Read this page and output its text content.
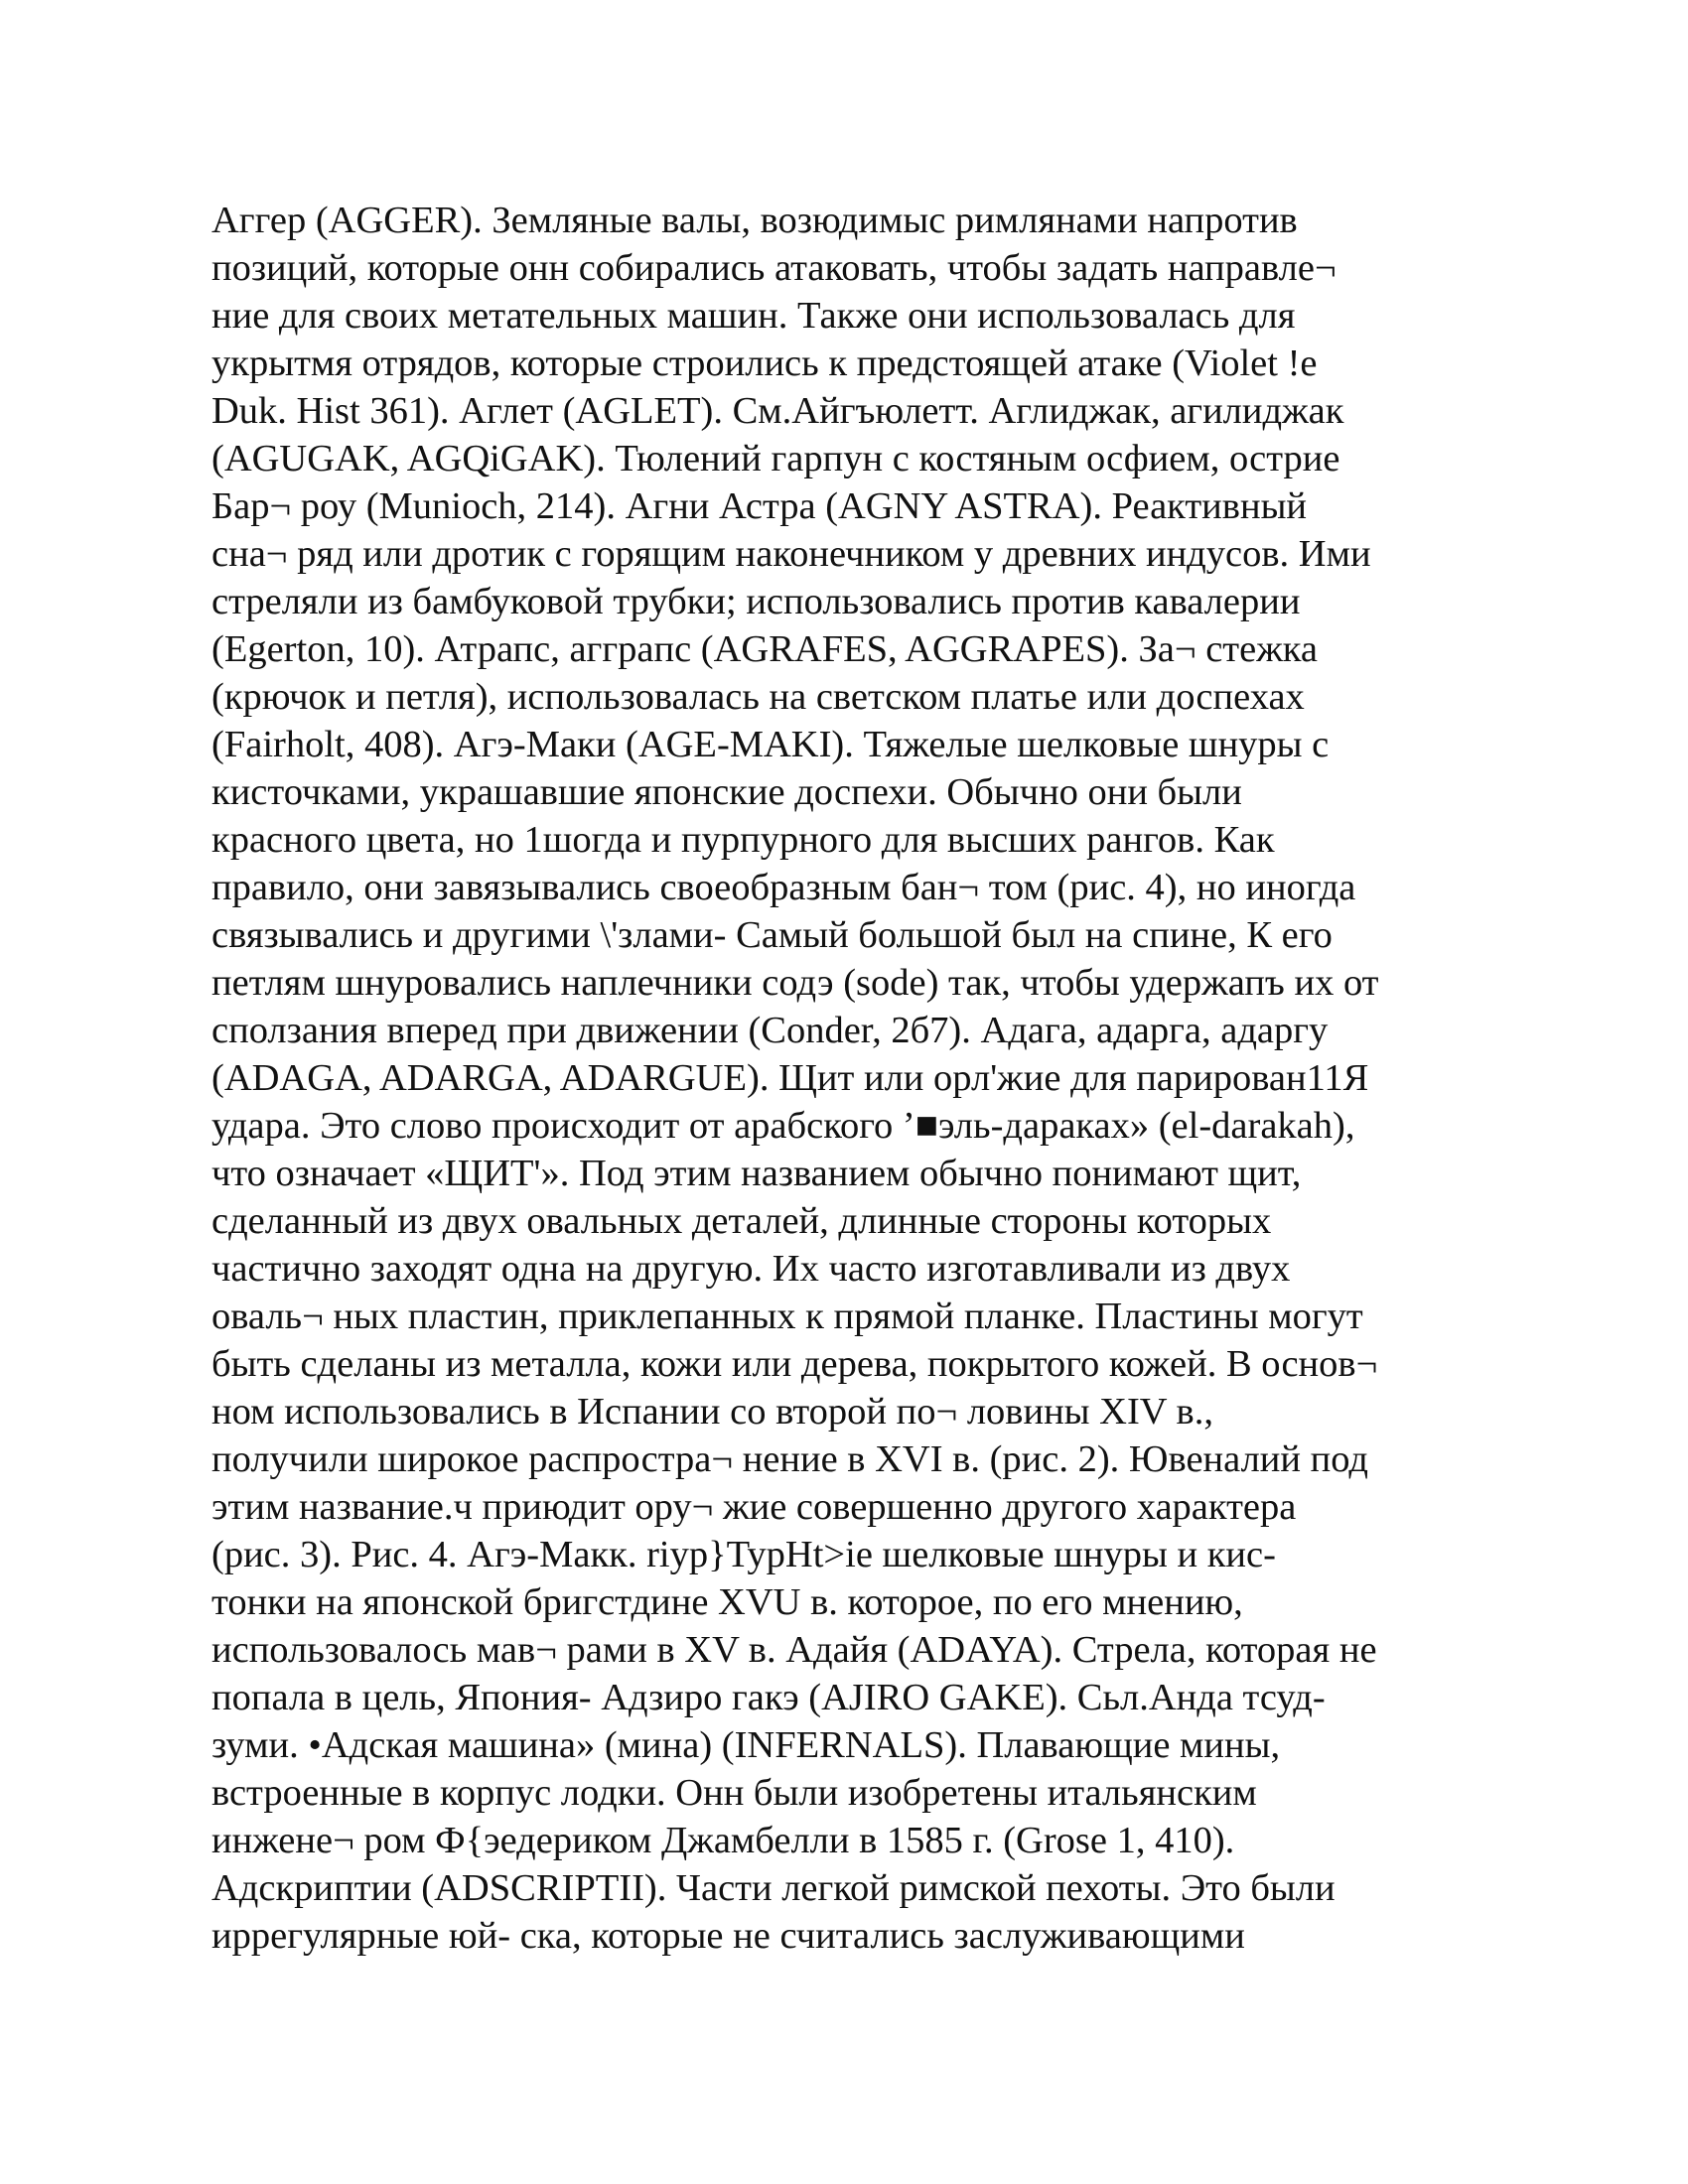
Аггер (AGGER). Земляные валы, возюдимыс римлянами напротив
позиций, которые онн собирались атаковать, чтобы задать направле¬
ние для своих метательных машин. Также они использовалась для
укрытмя отрядов, которые строились к предстоящей атаке (Violet !e
Duk. Hist 361). Аглет (AGLET). См.Айгъюлетт. Аглиджак, агилиджак
(AGUGAK, AGQiGAK). Тюлений гарпун с костяным осфием, острие
Бар¬ роу (Munioch, 214). Агни Астра (AGNY ASTRA). Реактивный
сна¬ ряд или дротик с горящим наконечником у древних индусов. Ими
стреляли из бамбуковой трубки; использовались против кавалерии
(Egerton, 10). Атрапс, аггрaпс (AGRAFES, AGGRAPES). За¬ стежка
(крючок и петля), использовалась на светском платье или доспехах
(Fairholt, 408). Агэ-Маки (AGE-MAKI). Тяжелые шелковые шнуры с
кисточками, украшавшие японские доспехи. Обычно они были
красного цвета, но 1шогда и пурпурного для высших рангов. Как
правило, они завязывались своеобразным бан¬ том (рис. 4), но иногда
связывались и другими \'злами- Самый большой был на спине, К его
петлям шнуровались наплечники содэ (sode) так, чтобы удержапъ их от
сползания вперед при движении (Conder, 2б7). Адага, адарга, адаргу
(ADAGA, ADARGA, ADARGUE). Щит или орл'жие для парирован11Я
удара. Это слово происходит от арабского ’■эль-дараках» (el-darakah),
что означает «ЩИТ'». Под этим названием обычно понимают щит,
сделанный из двух овальных деталей, длинные стороны которых
частично заходят одна на другую. Их часто изготавливали из двух
оваль¬ ных пластин, приклепанных к прямой планке. Пластины могут
быть сделаны из металла, кожи или дерева, покрытого кожей. В основ¬
ном использовались в Испании со второй по¬ ловины XIV в.,
получили широкое распростра¬ нение в XVI в. (рис. 2). Ювеналий под
этим название.ч приюдит ору¬ жие совершенно другого характера
(рис. 3). Рис. 4. Агэ-Макк. riyp}TypHt>ie шелковые шнуры и кис-
тонки на японской бригстдине XVU в. которое, по его мнению,
использовалось мав¬ рами в XV в. Адайя (ADAYA). Стрела, которая не
попала в цель, Япония- Адзиро гакэ (AJIRO GAKE). Сьл.Анда тсуд-
зуми. •Адская машина» (мина) (INFERNALS). Плавающие мины,
встроенные в корпус лодки. Онн были изобретены итальянским
инжене¬ ром Ф{эедериком Джамбелли в 1585 г. (Grose 1, 410).
Адскриптии (ADSCRIPTII). Части легкой римской пехоты. Это были
иррегулярные юй- ска, которые не считались заслуживающими
